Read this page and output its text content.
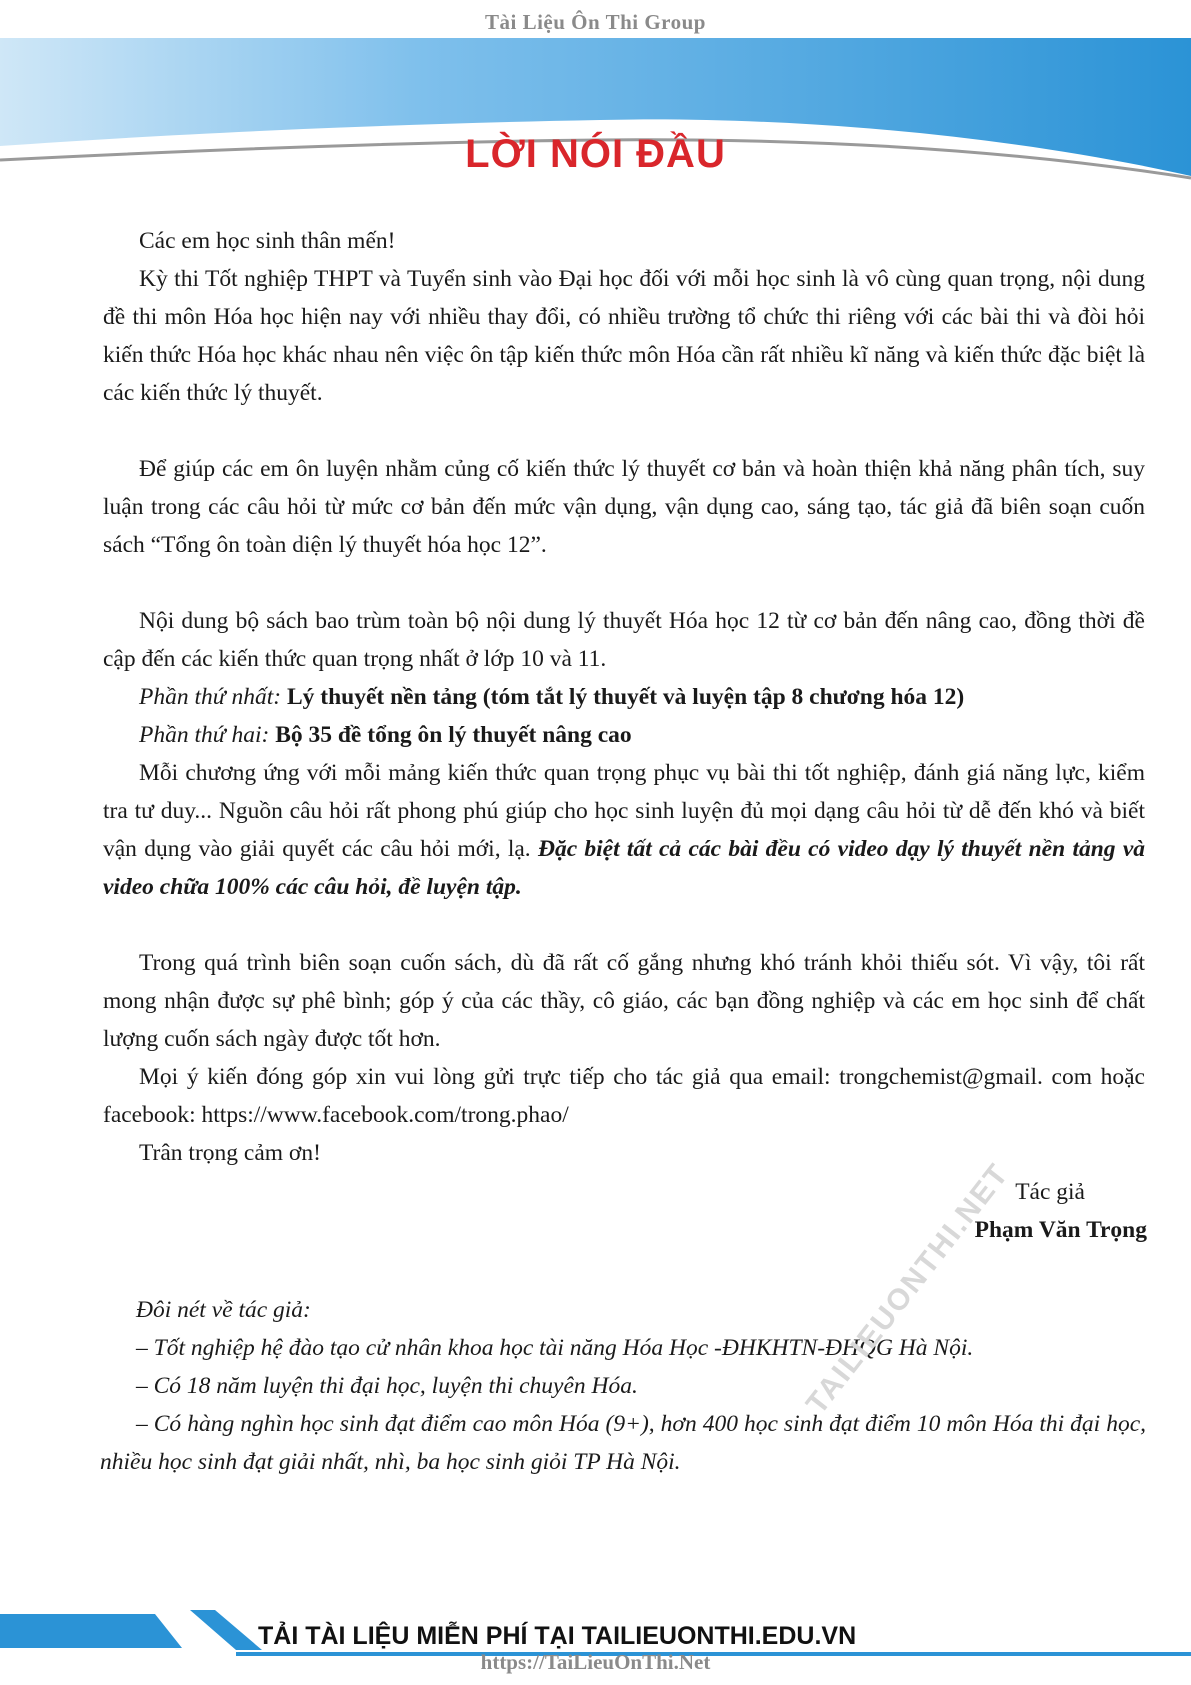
Tài Liệu Ôn Thi Group
LỜI NÓI ĐẦU

Các em học sinh thân mến!

Kỳ thi Tốt nghiệp THPT và Tuyển sinh vào Đại học đối với mỗi học sinh là vô cùng quan trọng, nội dung đề thi môn Hóa học hiện nay với nhiều thay đổi, có nhiều trường tổ chức thi riêng với các bài thi và đòi hỏi kiến thức Hóa học khác nhau nên việc ôn tập kiến thức môn Hóa cần rất nhiều kĩ năng và kiến thức đặc biệt là các kiến thức lý thuyết.

Để giúp các em ôn luyện nhằm củng cố kiến thức lý thuyết cơ bản và hoàn thiện khả năng phân tích, suy luận trong các câu hỏi từ mức cơ bản đến mức vận dụng, vận dụng cao, sáng tạo, tác giả đã biên soạn cuốn sách “Tổng ôn toàn diện lý thuyết hóa học 12”.

Nội dung bộ sách bao trùm toàn bộ nội dung lý thuyết Hóa học 12 từ cơ bản đến nâng cao, đồng thời đề cập đến các kiến thức quan trọng nhất ở lớp 10 và 11.

Phần thứ nhất: Lý thuyết nền tảng (tóm tắt lý thuyết và luyện tập 8 chương hóa 12)

Phần thứ hai: Bộ 35 đề tổng ôn lý thuyết nâng cao

Mỗi chương ứng với mỗi mảng kiến thức quan trọng phục vụ bài thi tốt nghiệp, đánh giá năng lực, kiểm tra tư duy... Nguồn câu hỏi rất phong phú giúp cho học sinh luyện đủ mọi dạng câu hỏi từ dễ đến khó và biết vận dụng vào giải quyết các câu hỏi mới, lạ. Đặc biệt tất cả các bài đều có video dạy lý thuyết nền tảng và video chữa 100% các câu hỏi, đề luyện tập.

Trong quá trình biên soạn cuốn sách, dù đã rất cố gắng nhưng khó tránh khỏi thiếu sót. Vì vậy, tôi rất mong nhận được sự phê bình; góp ý của các thầy, cô giáo, các bạn đồng nghiệp và các em học sinh để chất lượng cuốn sách ngày được tốt hơn.

Mọi ý kiến đóng góp xin vui lòng gửi trực tiếp cho tác giả qua email: trongchemist@gmail. com hoặc facebook: https://www.facebook.com/trong.phao/

Trân trọng cảm ơn!

Tác giả
Phạm Văn Trọng

Đôi nét về tác giả:

– Tốt nghiệp hệ đào tạo cử nhân khoa học tài năng Hóa Học -ĐHKHTN-ĐHQG Hà Nội.

– Có 18 năm luyện thi đại học, luyện thi chuyên Hóa.

– Có hàng nghìn học sinh đạt điểm cao môn Hóa (9+), hơn 400 học sinh đạt điểm 10 môn Hóa thi đại học, nhiều học sinh đạt giải nhất, nhì, ba học sinh giỏi TP Hà Nội.

TAILIEUONTHI.NET
TẢI TÀI LIỆU MIỄN PHÍ TẠI TAILIEUONTHI.EDU.VN
https://TaiLieuOnThi.Net
